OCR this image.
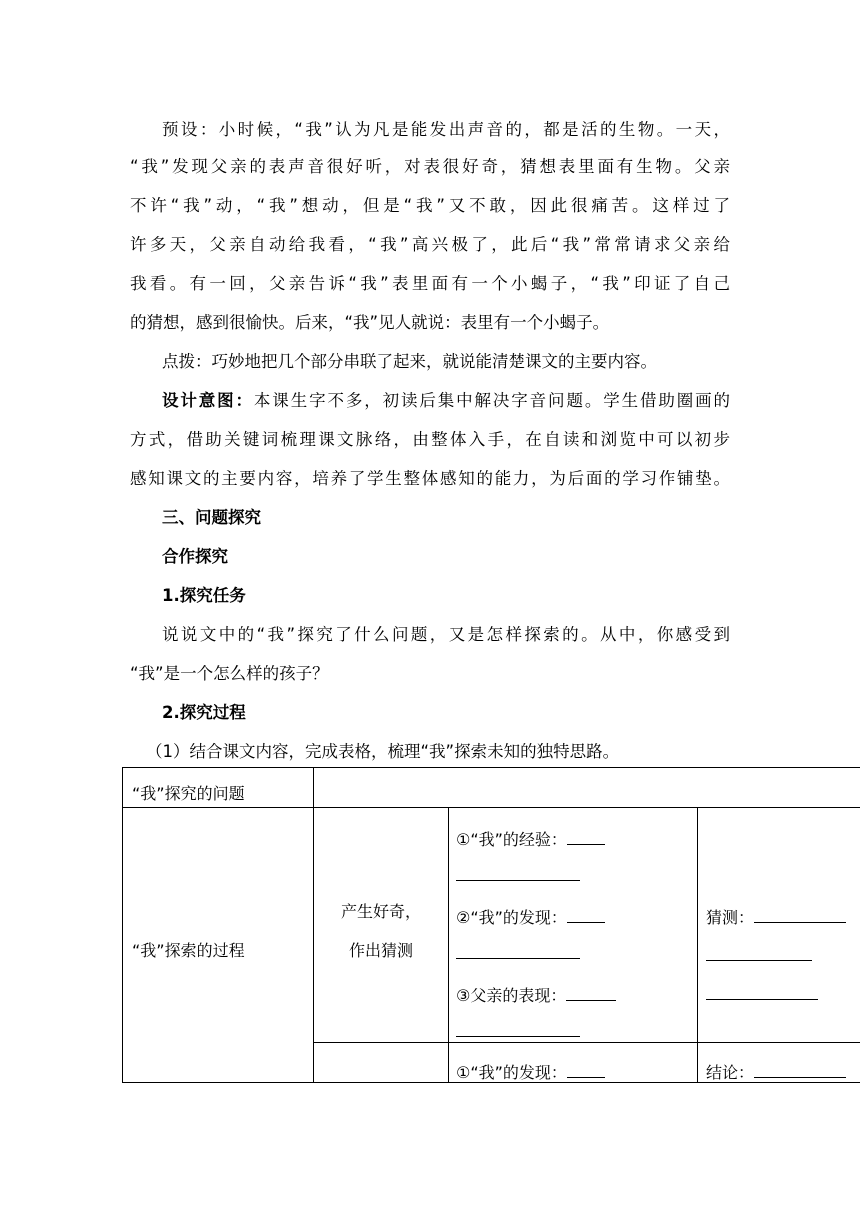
预设：小时候，“我”认为凡是能发出声音的，都是活的生物。一天，
“我”发现父亲的表声音很好听，对表很好奇，猜想表里面有生物。父亲
不许“我”动，“我”想动，但是“我”又不敢，因此很痛苦。这样过了
许多天，父亲自动给我看，“我”高兴极了，此后“我”常常请求父亲给
我看。有一回，父亲告诉“我”表里面有一个小蝎子，“我”印证了自己
的猜想，感到很愉快。后来，“我”见人就说：表里有一个小蝎子。
点拨：巧妙地把几个部分串联了起来，就说能清楚课文的主要内容。
设计意图：本课生字不多，初读后集中解决字音问题。学生借助圈画的
方式，借助关键词梳理课文脉络，由整体入手，在自读和浏览中可以初步
感知课文的主要内容，培养了学生整体感知的能力，为后面的学习作铺垫。
三、问题探究
合作探究
1.探究任务
说说文中的“我”探究了什么问题，又是怎样探索的。从中，你感受到
“我”是一个怎么样的孩子？
2.探究过程
（1）结合课文内容，完成表格，梳理“我”探索未知的独特思路。
“我”探究的问题
“我”探索的过程
产生好奇，
作出猜测
①“我”的经验：
②“我”的发现：
③父亲的表现：
猜测：
①“我”的发现：	结论：
